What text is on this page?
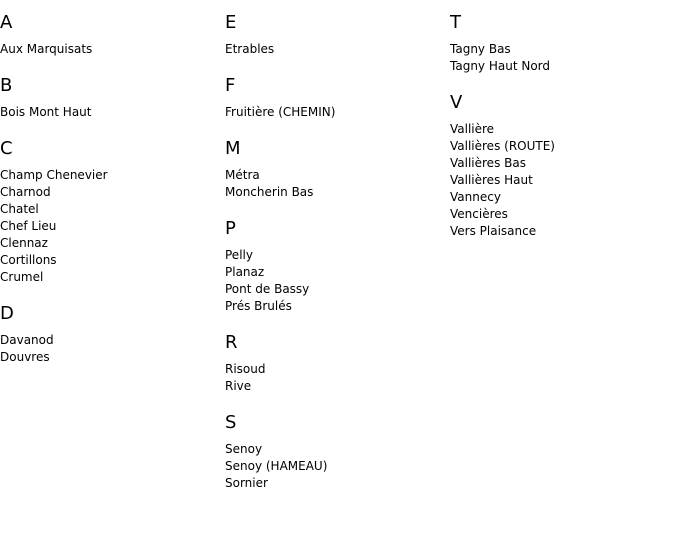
A
Aux Marquisats
B
Bois Mont Haut
C
Champ Chenevier
Charnod
Chatel
Chef Lieu
Clennaz
Cortillons
Crumel
D
Davanod
Douvres
E
Etrables
F
Fruitière (CHEMIN)
M
Métra
Moncherin Bas
P
Pelly
Planaz
Pont de Bassy
Prés Brulés
R
Risoud
Rive
S
Senoy
Senoy (HAMEAU)
Sornier
T
Tagny Bas
Tagny Haut Nord
V
Vallière
Vallières (ROUTE)
Vallières Bas
Vallières Haut
Vannecy
Vencières
Vers Plaisance
